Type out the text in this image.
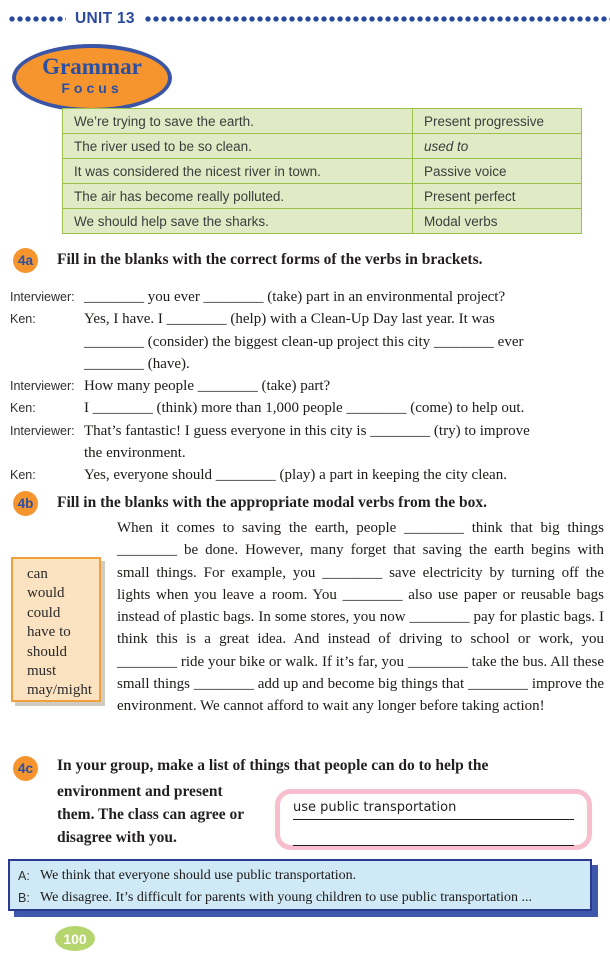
UNIT 13
Grammar
Focus
We’re trying to save the earth.	Present progressive
The river used to be so clean.	used to
It was considered the nicest river in town.	Passive voice
The air has become really polluted.	Present perfect
We should help save the sharks.	Modal verbs
4a	Fill in the blanks with the correct forms of the verbs in brackets.
Interviewer: ________ you ever ________ (take) part in an environmental project?
Ken:	Yes, I have. I ________ (help) with a Clean-Up Day last year. It was
________ (consider) the biggest clean-up project this city ________ ever
________ (have).
Interviewer: How many people ________ (take) part?
Ken:	I ________ (think) more than 1,000 people ________ (come) to help out.
Interviewer: That’s fantastic! I guess everyone in this city is ________ (try) to improve
the environment.
Ken:	Yes, everyone should ________ (play) a part in keeping the city clean.
4b Fill in the blanks with the appropriate modal verbs from the box.
can
would
could
have to
should
must
may/might
When it comes to saving the earth, people ________ think that big things ________ be done. However, many forget that saving the earth begins with small things. For example, you ________ save electricity by turning off the lights when you leave a room. You ________ also use paper or reusable bags instead of plastic bags. In some stores, you now ________ pay for plastic bags. I think this is a great idea. And instead of driving to school or work, you ________ ride your bike or walk. If it’s far, you ________ take the bus. All these small things ________ add up and become big things that ________ improve the environment. We cannot afford to wait any longer before taking action!
4c	In your group, make a list of things that people can do to help the
environment and present them. The class can agree or disagree with you.
use public transportation
A: We think that everyone should use public transportation.
B: We disagree. It’s difficult for parents with young children to use public transportation ...
100
